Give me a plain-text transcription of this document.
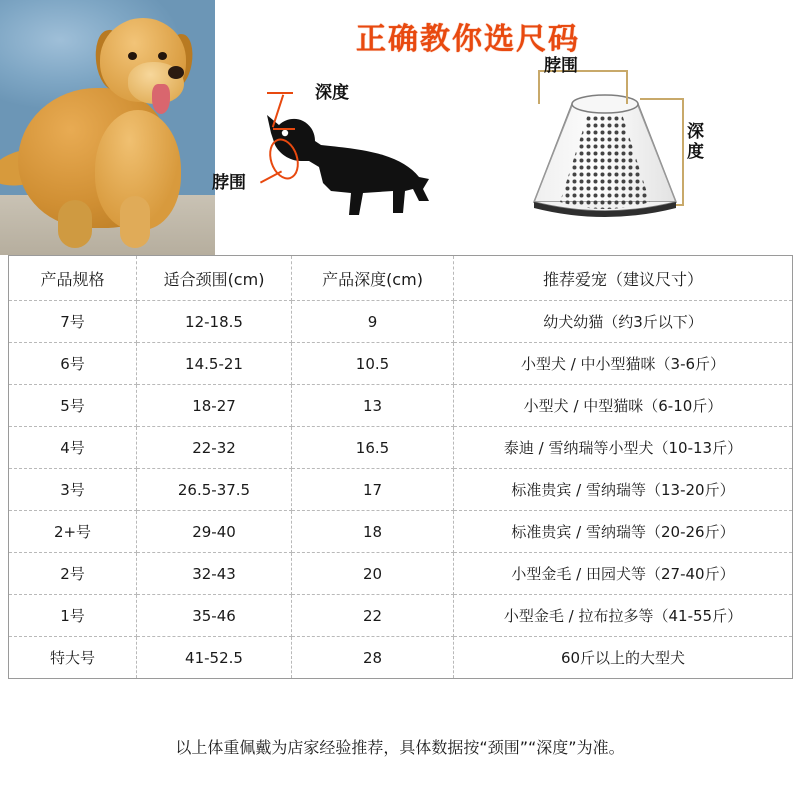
正确教你选尺码
深度
脖围
脖围
深度
产品规格	适合颈围(cm)	产品深度(cm)	推荐爱宠（建议尺寸）
7号	12-18.5	9	幼犬幼猫（约3斤以下）
6号	14.5-21	10.5	小型犬 / 中小型猫咪（3-6斤）
5号	18-27	13	小型犬 / 中型猫咪（6-10斤）
4号	22-32	16.5	泰迪 / 雪纳瑞等小型犬（10-13斤）
3号	26.5-37.5	17	标准贵宾 / 雪纳瑞等（13-20斤）
2+号	29-40	18	标准贵宾 / 雪纳瑞等（20-26斤）
2号	32-43	20	小型金毛 / 田园犬等（27-40斤）
1号	35-46	22	小型金毛 / 拉布拉多等（41-55斤）
特大号	41-52.5	28	60斤以上的大型犬
以上体重佩戴为店家经验推荐，具体数据按“颈围”“深度”为准。
